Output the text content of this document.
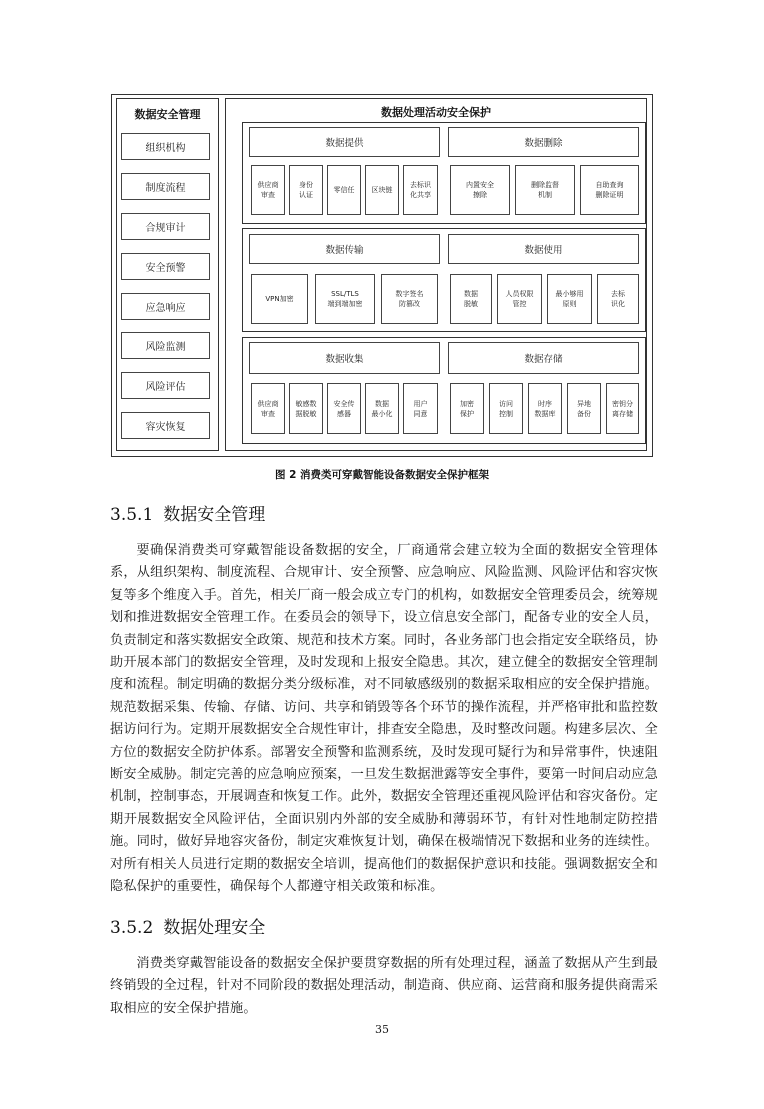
数据安全管理
组织机构
制度流程
合规审计
安全预警
应急响应
风险监测
风险评估
容灾恢复
数据处理活动安全保护
数据提供	数据删除
供应商
审查
身份
认证
零信任	区块链
去标识
化共享
内置安全
擦除
删除监督
机制
自助查询
删除证明
数据传输	数据使用
VPN加密
SSL/TLS
端到端加密
数字签名
防篡改
数据
脱敏
人员权限
管控
最小够用
原则
去标
识化
数据收集	数据存储
供应商
审查
敏感数
据脱敏
安全传
感器
数据
最小化
用户
同意
加密
保护
访问
控制
时序
数据库
异地
备份
密钥分
离存储
图 2 消费类可穿戴智能设备数据安全保护框架
3.5.1 数据安全管理

要确保消费类可穿戴智能设备数据的安全，厂商通常会建立较为全面的数据安全管理体系，从组织架构、制度流程、合规审计、安全预警、应急响应、风险监测、风险评估和容灾恢复等多个维度入手。首先，相关厂商一般会成立专门的机构，如数据安全管理委员会，统筹规划和推进数据安全管理工作。在委员会的领导下，设立信息安全部门，配备专业的安全人员，负责制定和落实数据安全政策、规范和技术方案。同时，各业务部门也会指定安全联络员，协助开展本部门的数据安全管理，及时发现和上报安全隐患。其次，建立健全的数据安全管理制度和流程。制定明确的数据分类分级标准，对不同敏感级别的数据采取相应的安全保护措施。规范数据采集、传输、存储、访问、共享和销毁等各个环节的操作流程，并严格审批和监控数据访问行为。定期开展数据安全合规性审计，排查安全隐患，及时整改问题。构建多层次、全方位的数据安全防护体系。部署安全预警和监测系统，及时发现可疑行为和异常事件，快速阻断安全威胁。制定完善的应急响应预案，一旦发生数据泄露等安全事件，要第一时间启动应急机制，控制事态，开展调查和恢复工作。此外，数据安全管理还重视风险评估和容灾备份。定期开展数据安全风险评估，全面识别内外部的安全威胁和薄弱环节，有针对性地制定防控措施。同时，做好异地容灾备份，制定灾难恢复计划，确保在极端情况下数据和业务的连续性。对所有相关人员进行定期的数据安全培训，提高他们的数据保护意识和技能。强调数据安全和隐私保护的重要性，确保每个人都遵守相关政策和标准。

3.5.2 数据处理安全

消费类穿戴智能设备的数据安全保护要贯穿数据的所有处理过程，涵盖了数据从产生到最终销毁的全过程，针对不同阶段的数据处理活动，制造商、供应商、运营商和服务提供商需采取相应的安全保护措施。

35
